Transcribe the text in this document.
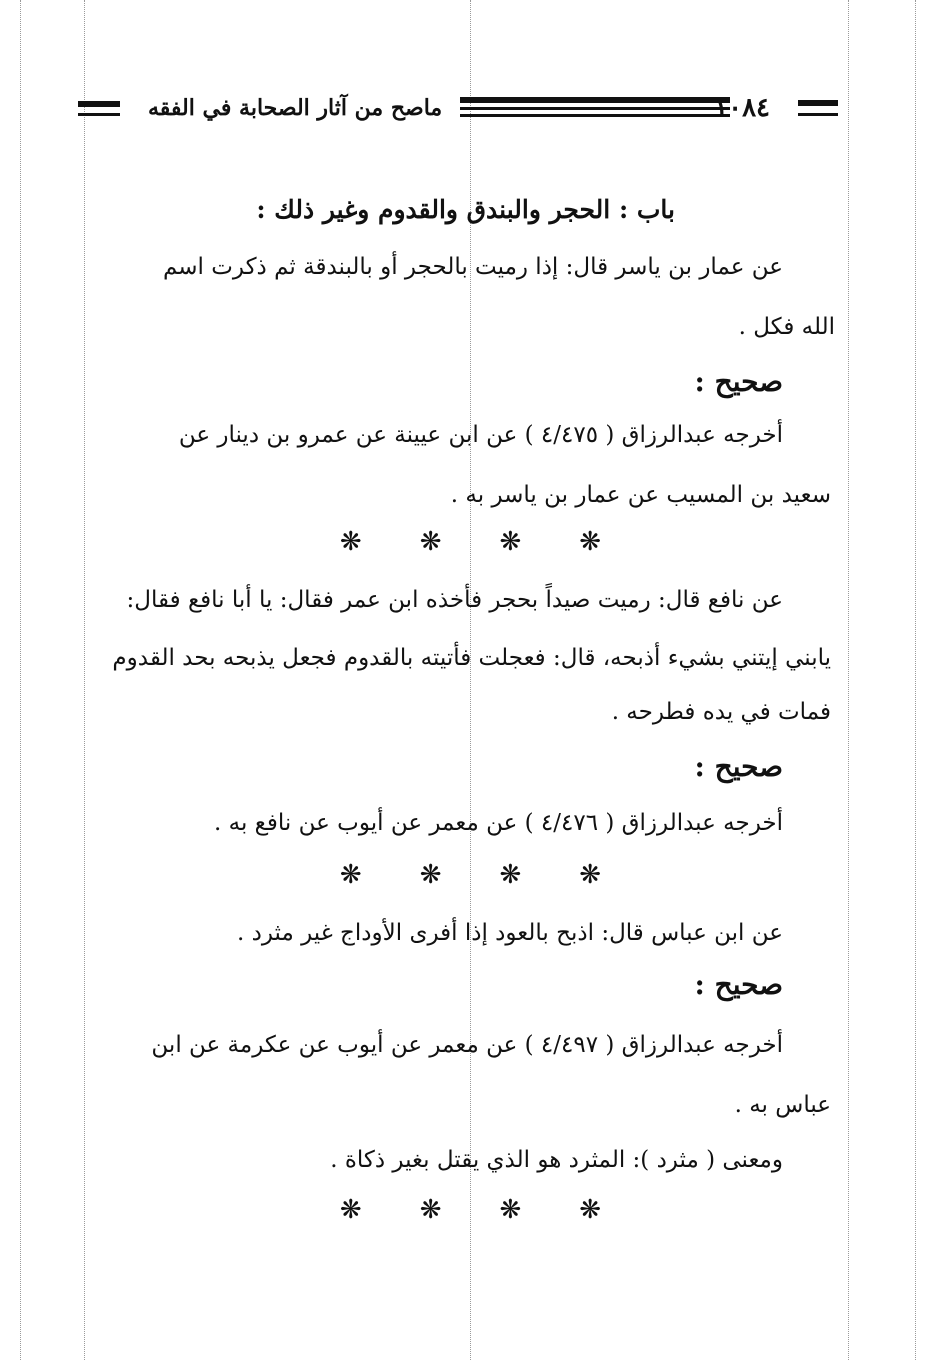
ماصح من آثار الصحابة في الفقه	١٠٨٤
باب : الحجر والبندق والقدوم وغير ذلك :
عن عمار بن ياسر قال: إذا رميت بالحجر أو بالبندقة ثم ذكرت اسم
الله فكل .
صحيح :
أخرجه عبدالرزاق ( ٤/٤٧٥ ) عن ابن عيينة عن عمرو بن دينار عن
سعيد بن المسيب عن عمار بن ياسر به .
❋ ❋ ❋ ❋
عن نافع قال: رميت صيداً بحجر فأخذه ابن عمر فقال: يا أبا نافع فقال:
يابني إيتني بشيء أذبحه، قال: فعجلت فأتيته بالقدوم فجعل يذبحه بحد القدوم
فمات في يده فطرحه .
صحيح :
أخرجه عبدالرزاق ( ٤/٤٧٦ ) عن معمر عن أيوب عن نافع به .
❋ ❋ ❋ ❋
عن ابن عباس قال: اذبح بالعود إذا أفرى الأوداج غير مثرد .
صحيح :
أخرجه عبدالرزاق ( ٤/٤٩٧ ) عن معمر عن أيوب عن عكرمة عن ابن
عباس به .
ومعنى ( مثرد ): المثرد هو الذي يقتل بغير ذكاة .
❋ ❋ ❋ ❋
